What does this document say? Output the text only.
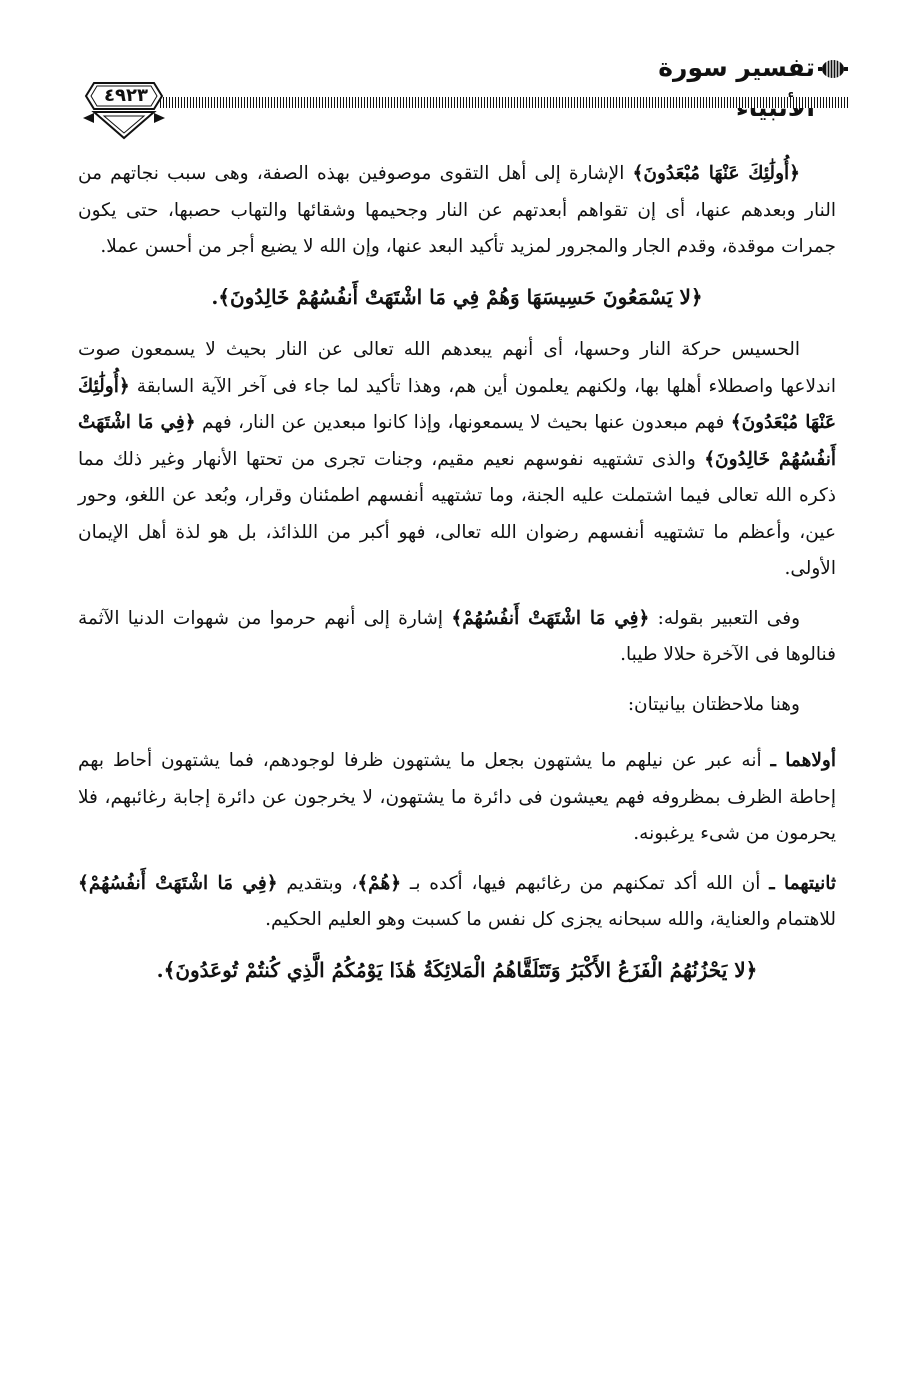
تفسير سورة
٤٩٢٣

﴿أُولَٰئِكَ عَنْهَا مُبْعَدُونَ﴾ الإشارة إلى أهل التقوى موصوفين بهذه الصفة، وهى سبب نجاتهم من النار وبعدهم عنها، أى إن تقواهم أبعدتهم عن النار وجحيمها وشقائها والتهاب حصبها، حتى يكون جمرات موقدة، وقدم الجار والمجرور لمزيد تأكيد البعد عنها، وإن الله لا يضيع أجر من أحسن عملا.

﴿لا يَسْمَعُونَ حَسِيسَهَا وَهُمْ فِي مَا اشْتَهَتْ أَنفُسُهُمْ خَالِدُونَ﴾.

الحسيس حركة النار وحسها، أى أنهم يبعدهم الله تعالى عن النار بحيث لا يسمعون صوت اندلاعها واصطلاء أهلها بها، ولكنهم يعلمون أين هم، وهذا تأكيد لما جاء فى آخر الآية السابقة ﴿أُولَٰئِكَ عَنْهَا مُبْعَدُونَ﴾ فهم مبعدون عنها بحيث لا يسمعونها، وإذا كانوا مبعدين عن النار، فهم ﴿فِي مَا اشْتَهَتْ أَنفُسُهُمْ خَالِدُونَ﴾ والذى تشتهيه نفوسهم نعيم مقيم، وجنات تجرى من تحتها الأنهار وغير ذلك مما ذكره الله تعالى فيما اشتملت عليه الجنة، وما تشتهيه أنفسهم اطمئنان وقرار، وبُعد عن اللغو، وحور عين، وأعظم ما تشتهيه أنفسهم رضوان الله تعالى، فهو أكبر من اللذائذ، بل هو لذة أهل الإيمان الأولى.

وفى التعبير بقوله: ﴿فِي مَا اشْتَهَتْ أَنفُسُهُمْ﴾ إشارة إلى أنهم حرموا من شهوات الدنيا الآثمة فنالوها فى الآخرة حلالا طيبا.

وهنا ملاحظتان بيانيتان:

أولاهما ـ أنه عبر عن نيلهم ما يشتهون بجعل ما يشتهون ظرفا لوجودهم، فما يشتهون أحاط بهم إحاطة الظرف بمظروفه فهم يعيشون فى دائرة ما يشتهون، لا يخرجون عن دائرة إجابة رغائبهم، فلا يحرمون من شىء يرغبونه.

ثانيتهما ـ أن الله أكد تمكنهم من رغائبهم فيها، أكده بـ ﴿هُمْ﴾، وبتقديم ﴿فِي مَا اشْتَهَتْ أَنفُسُهُمْ﴾ للاهتمام والعناية، والله سبحانه يجزى كل نفس ما كسبت وهو العليم الحكيم.

﴿لا يَحْزُنُهُمُ الْفَزَعُ الأَكْبَرُ وَتَتَلَقَّاهُمُ الْمَلائِكَةُ هَٰذَا يَوْمُكُمُ الَّذِي كُنتُمْ تُوعَدُونَ﴾.
